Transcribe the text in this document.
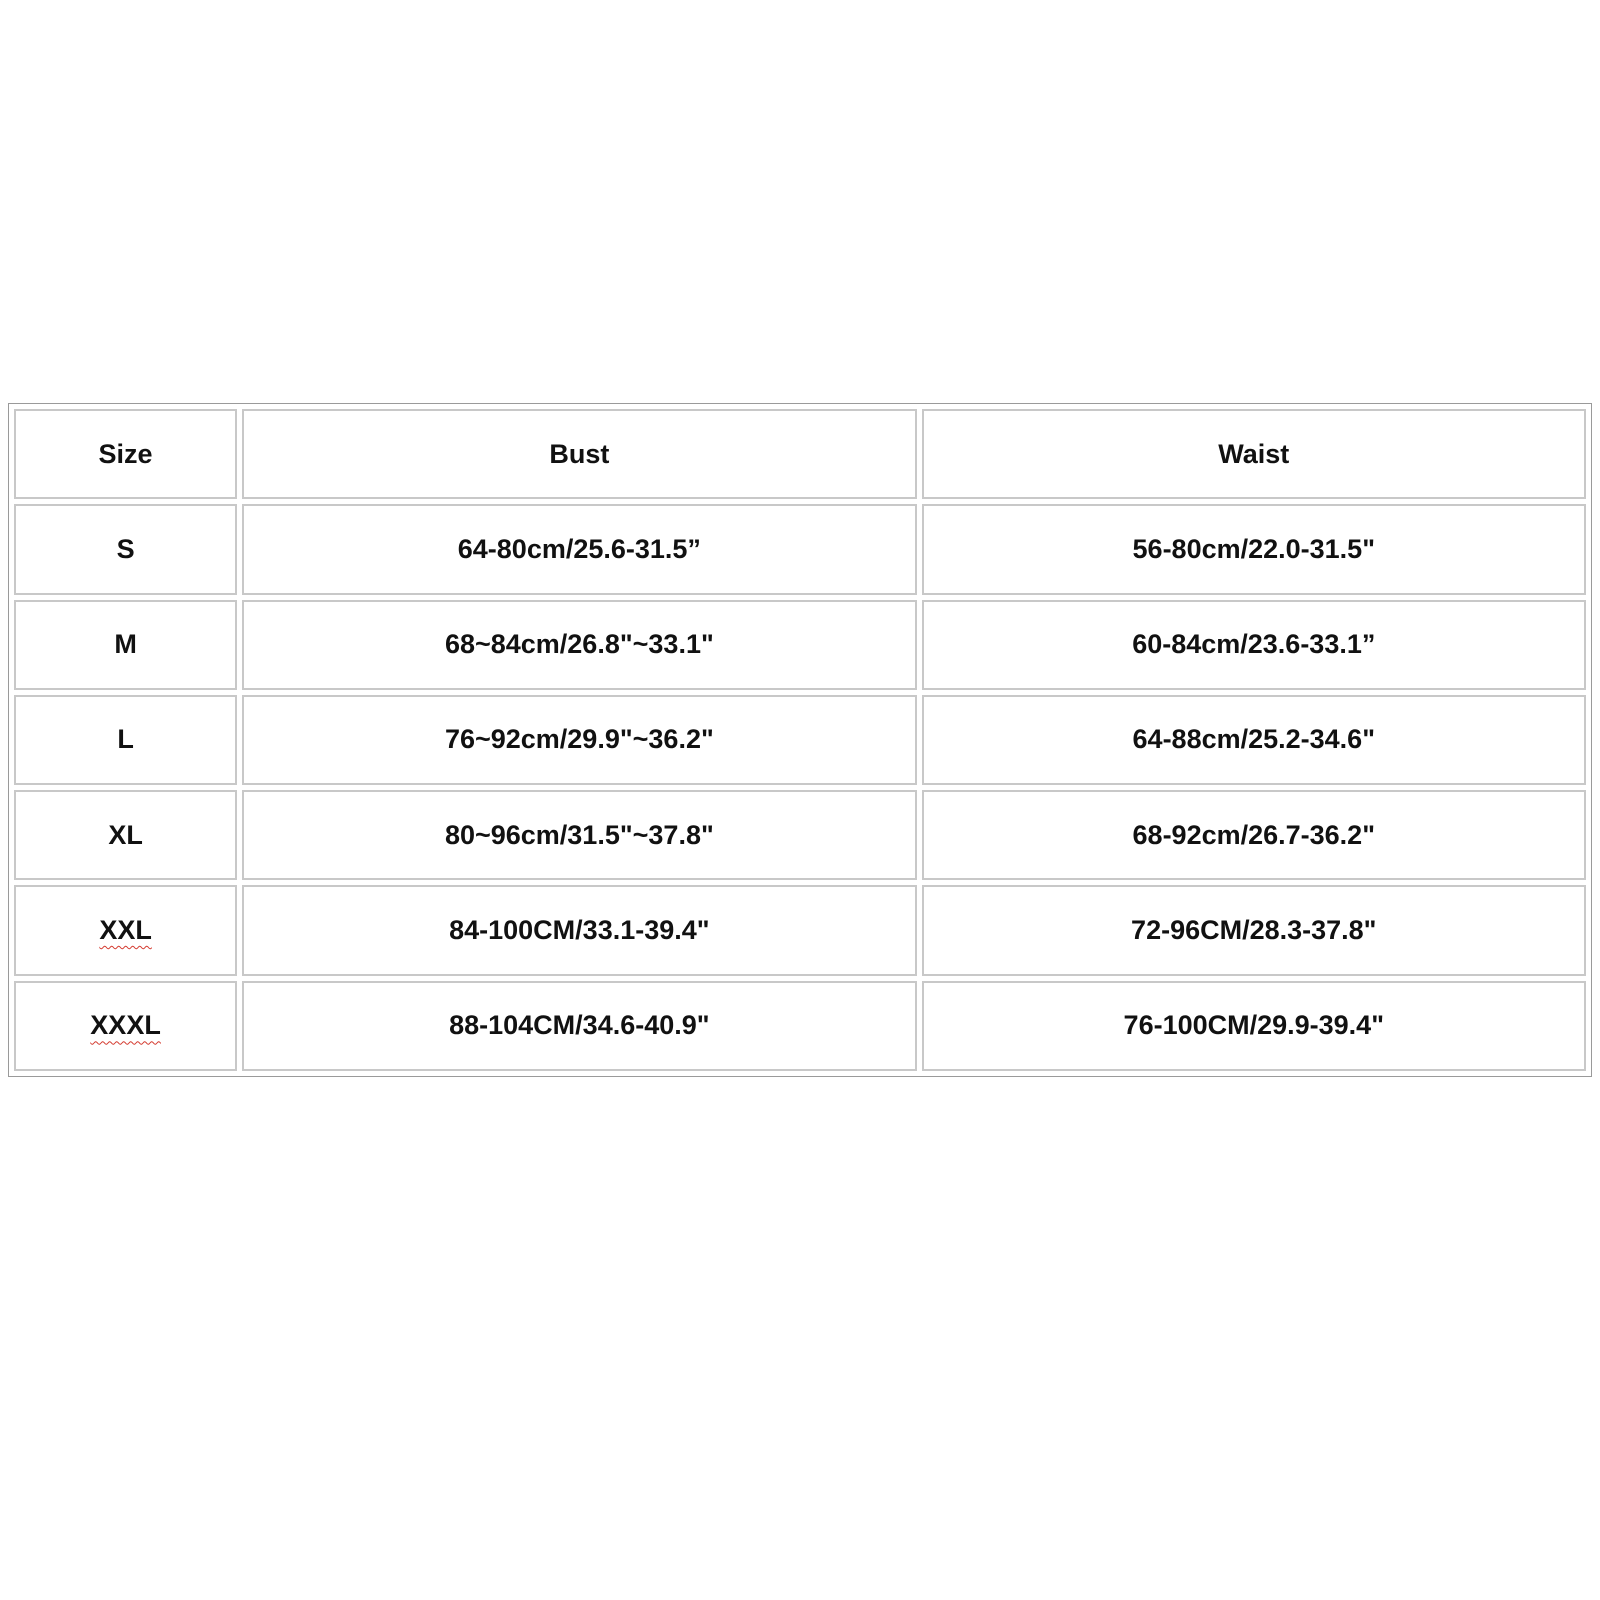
Size	Bust	Waist
S	64-80cm/25.6-31.5”	56-80cm/22.0-31.5"
M	68~84cm/26.8"~33.1"	60-84cm/23.6-33.1”
L	76~92cm/29.9"~36.2"	64-88cm/25.2-34.6"
XL	80~96cm/31.5"~37.8"	68-92cm/26.7-36.2"
XXL	84-100CM/33.1-39.4"	72-96CM/28.3-37.8"
XXXL	88-104CM/34.6-40.9"	76-100CM/29.9-39.4"
